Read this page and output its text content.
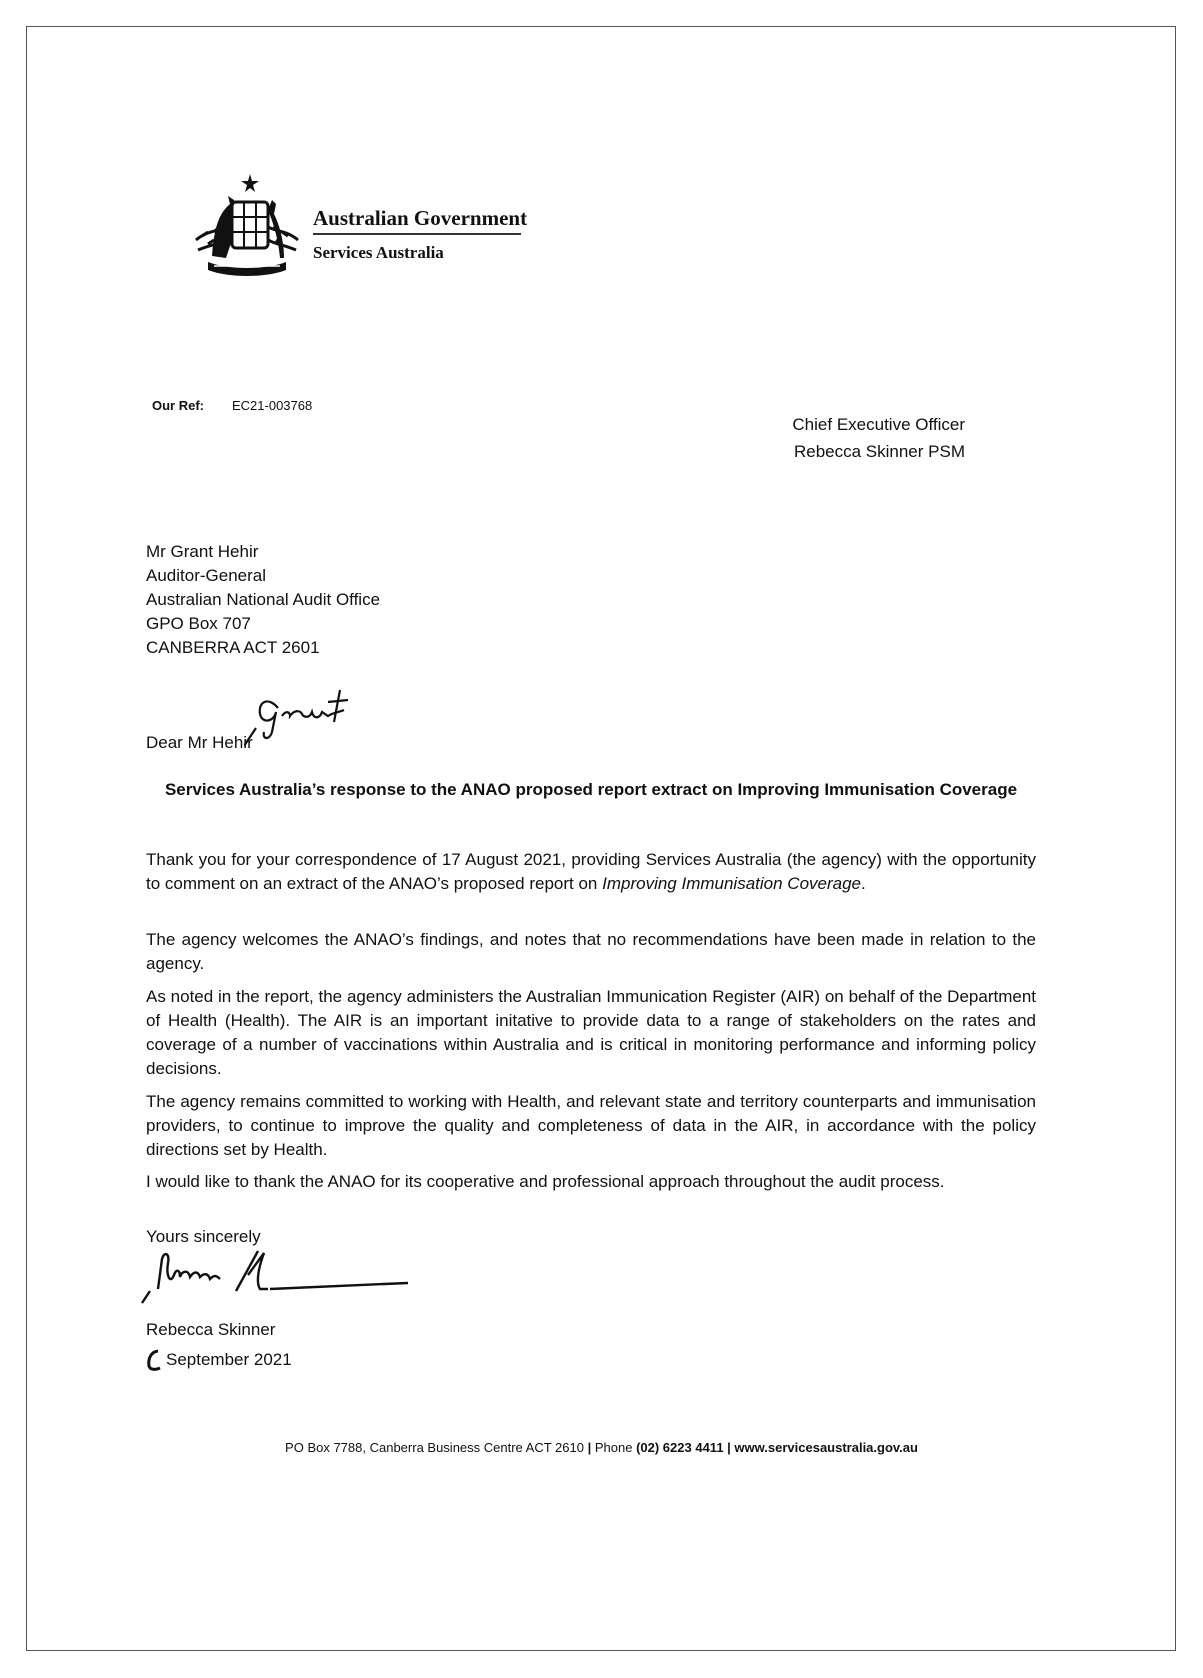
Australian Government
Services Australia
Our Ref: EC21-003768
Chief Executive Officer
Rebecca Skinner PSM
Mr Grant Hehir
Auditor-General
Australian National Audit Office
GPO Box 707
CANBERRA ACT 2601
Dear Mr Hehir
Services Australia’s response to the ANAO proposed report extract on Improving Immunisation Coverage
Thank you for your correspondence of 17 August 2021, providing Services Australia (the agency) with the opportunity to comment on an extract of the ANAO’s proposed report on Improving Immunisation Coverage.
The agency welcomes the ANAO’s findings, and notes that no recommendations have been made in relation to the agency.
As noted in the report, the agency administers the Australian Immunication Register (AIR) on behalf of the Department of Health (Health). The AIR is an important initative to provide data to a range of stakeholders on the rates and coverage of a number of vaccinations within Australia and is critical in monitoring performance and informing policy decisions.
The agency remains committed to working with Health, and relevant state and territory counterparts and immunisation providers, to continue to improve the quality and completeness of data in the AIR, in accordance with the policy directions set by Health.
I would like to thank the ANAO for its cooperative and professional approach throughout the audit process.
Yours sincerely
Rebecca Skinner
September 2021
PO Box 7788, Canberra Business Centre ACT 2610 | Phone (02) 6223 4411 | www.servicesaustralia.gov.au
